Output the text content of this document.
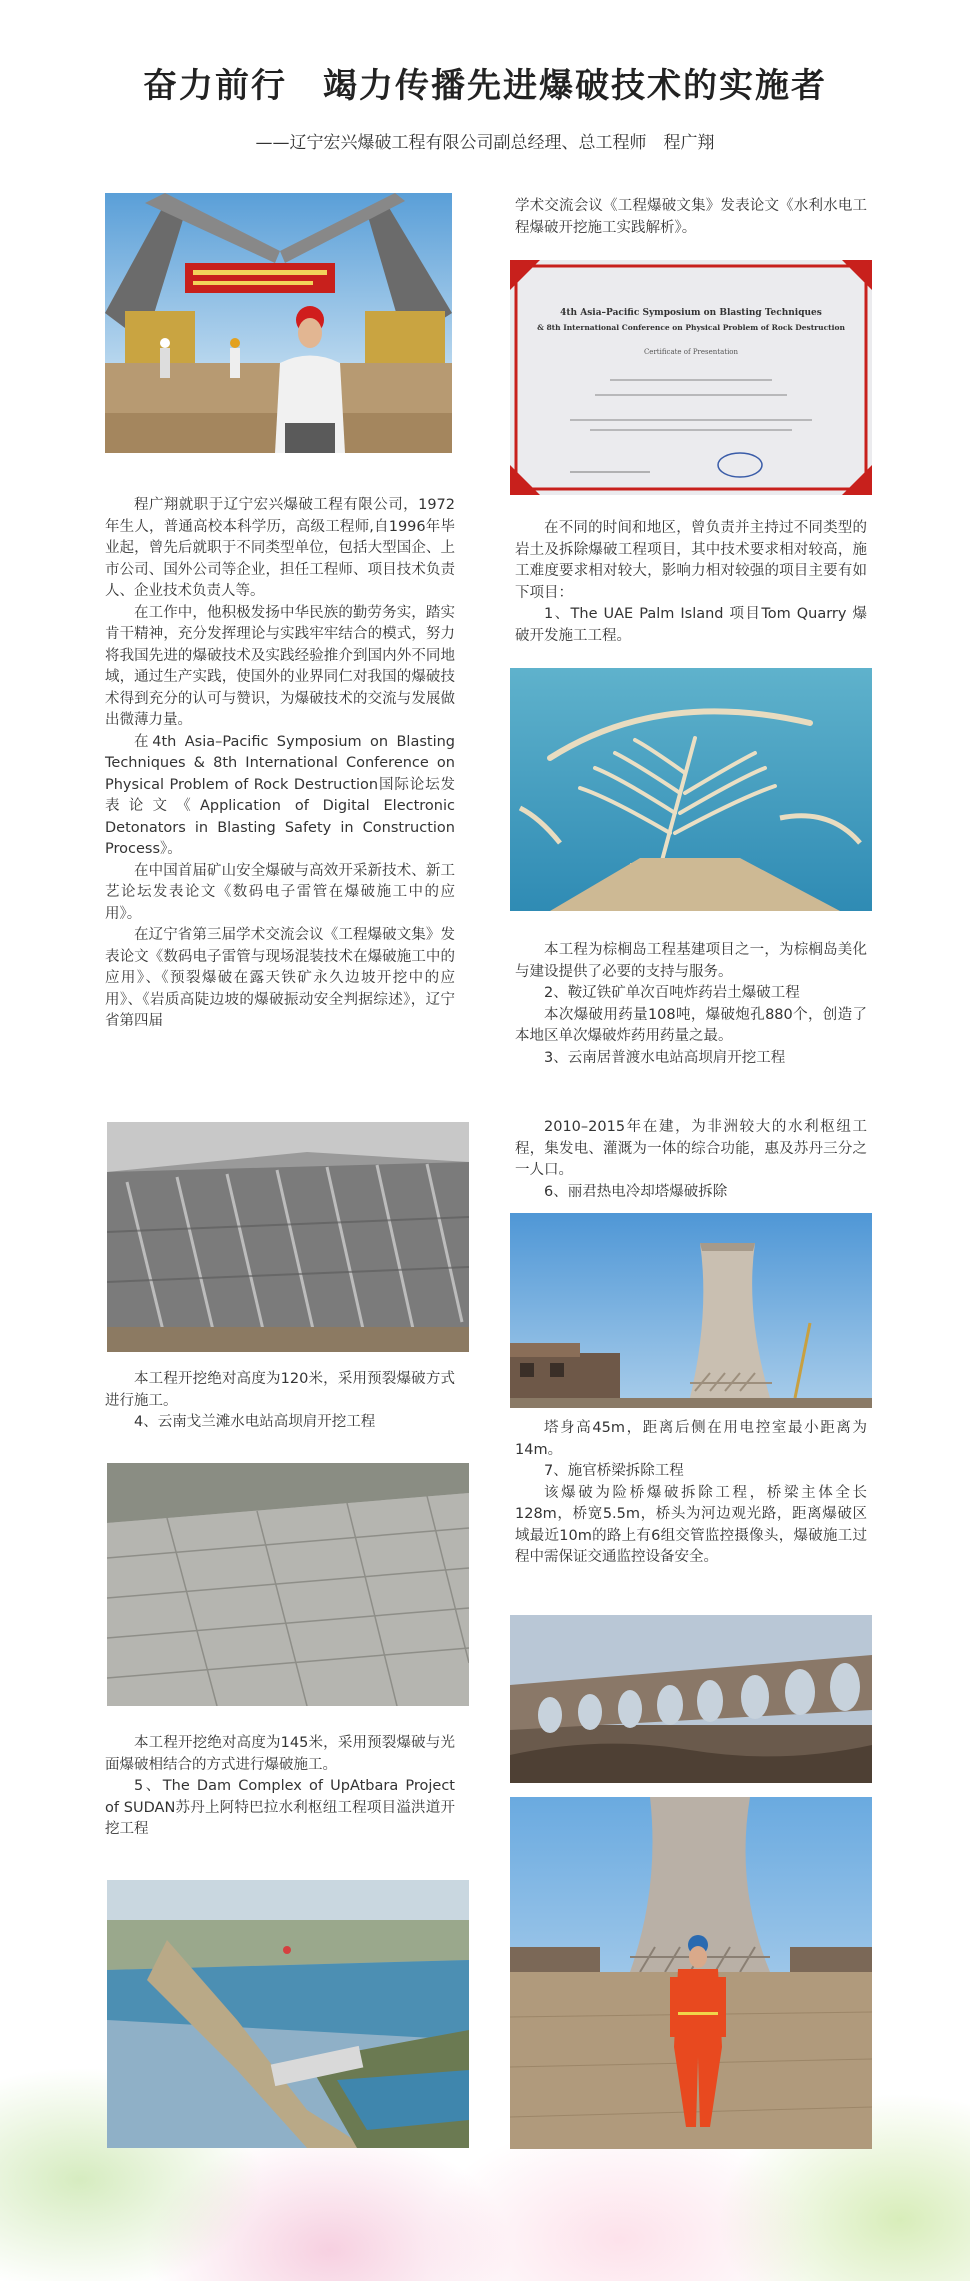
奋力前行　竭力传播先进爆破技术的实施者
——辽宁宏兴爆破工程有限公司副总经理、总工程师　程广翔

程广翔就职于辽宁宏兴爆破工程有限公司，1972年生人，普通高校本科学历，高级工程师,自1996年毕业起，曾先后就职于不同类型单位，包括大型国企、上市公司、国外公司等企业，担任工程师、项目技术负责人、企业技术负责人等。

在工作中，他积极发扬中华民族的勤劳务实，踏实肯干精神，充分发挥理论与实践牢牢结合的模式，努力将我国先进的爆破技术及实践经验推介到国内外不同地域，通过生产实践，使国外的业界同仁对我国的爆破技术得到充分的认可与赞识，为爆破技术的交流与发展做出微薄力量。

在4th Asia–Pacific Symposium on Blasting Techniques & 8th International Conference on Physical Problem of Rock Destruction国际论坛发表论文《Application of Digital Electronic Detonators in Blasting Safety in Construction Process》。

在中国首届矿山安全爆破与高效开采新技术、新工艺论坛发表论文《数码电子雷管在爆破施工中的应用》。

在辽宁省第三届学术交流会议《工程爆破文集》发表论文《数码电子雷管与现场混装技术在爆破施工中的应用》、《预裂爆破在露天铁矿永久边坡开挖中的应用》、《岩质高陡边坡的爆破振动安全判据综述》，辽宁省第四届

本工程开挖绝对高度为120米，采用预裂爆破方式进行施工。

4、云南戈兰滩水电站高坝肩开挖工程

本工程开挖绝对高度为145米，采用预裂爆破与光面爆破相结合的方式进行爆破施工。

5、The Dam Complex of UpAtbara Project of SUDAN苏丹上阿特巴拉水利枢纽工程项目溢洪道开挖工程

学术交流会议《工程爆破文集》发表论文《水利水电工程爆破开挖施工实践解析》。

4th Asia–Pacific Symposium on Blasting Techniques
& 8th International Conference on Physical Problem of Rock Destruction
Certificate of Presentation

在不同的时间和地区，曾负责并主持过不同类型的岩土及拆除爆破工程项目，其中技术要求相对较高，施工难度要求相对较大，影响力相对较强的项目主要有如下项目：

1、The UAE Palm Island 项目Tom Quarry 爆破开发施工工程。

本工程为棕榈岛工程基建项目之一，为棕榈岛美化与建设提供了必要的支持与服务。

2、鞍辽铁矿单次百吨炸药岩土爆破工程

本次爆破用药量108吨，爆破炮孔880个，创造了本地区单次爆破炸药用药量之最。

3、云南居普渡水电站高坝肩开挖工程

2010–2015年在建，为非洲较大的水利枢纽工程，集发电、灌溉为一体的综合功能，惠及苏丹三分之一人口。

6、丽君热电冷却塔爆破拆除

塔身高45m，距离后侧在用电控室最小距离为14m。

7、施官桥梁拆除工程

该爆破为险桥爆破拆除工程，桥梁主体全长128m，桥宽5.5m，桥头为河边观光路，距离爆破区域最近10m的路上有6组交管监控摄像头，爆破施工过程中需保证交通监控设备安全。
